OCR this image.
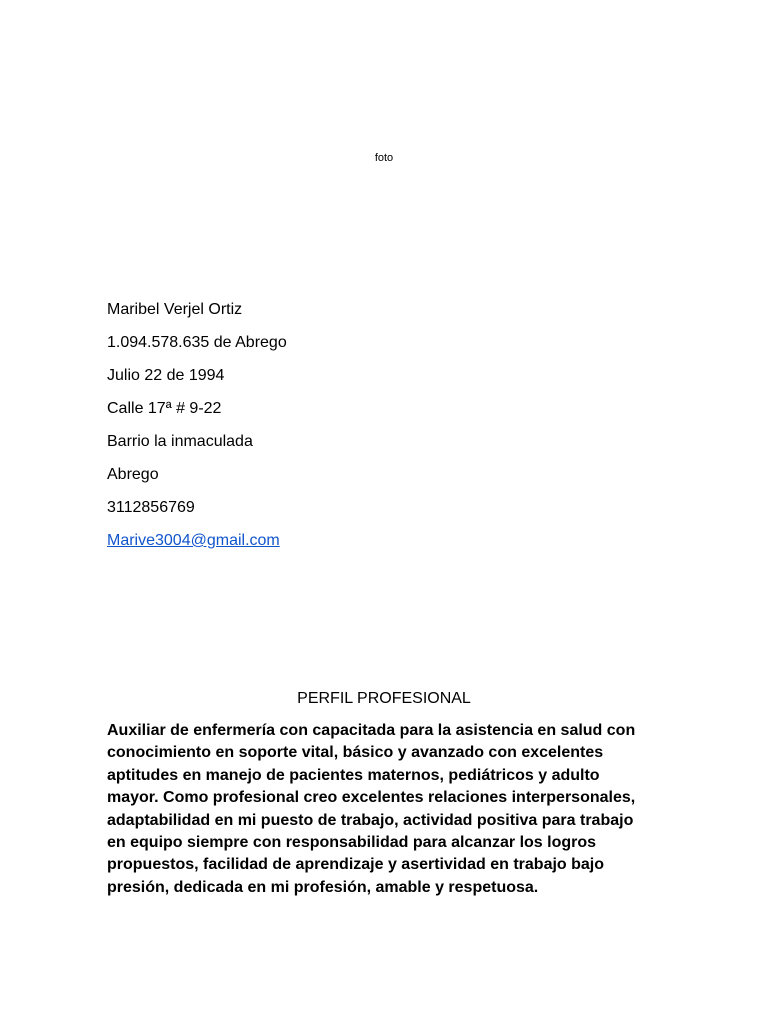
foto
Maribel Verjel Ortiz
1.094.578.635 de Abrego
Julio 22 de 1994
Calle 17ª # 9-22
Barrio la inmaculada
Abrego
3112856769
Marive3004@gmail.com
PERFIL PROFESIONAL
Auxiliar de enfermería con capacitada para la asistencia en salud con
conocimiento en soporte vital, básico y avanzado con excelentes
aptitudes en manejo de pacientes maternos, pediátricos y adulto
mayor. Como profesional creo excelentes relaciones interpersonales,
adaptabilidad en mi puesto de trabajo, actividad positiva para trabajo
en equipo siempre con responsabilidad para alcanzar los logros
propuestos, facilidad de aprendizaje y asertividad en trabajo bajo
presión, dedicada en mi profesión, amable y respetuosa.
